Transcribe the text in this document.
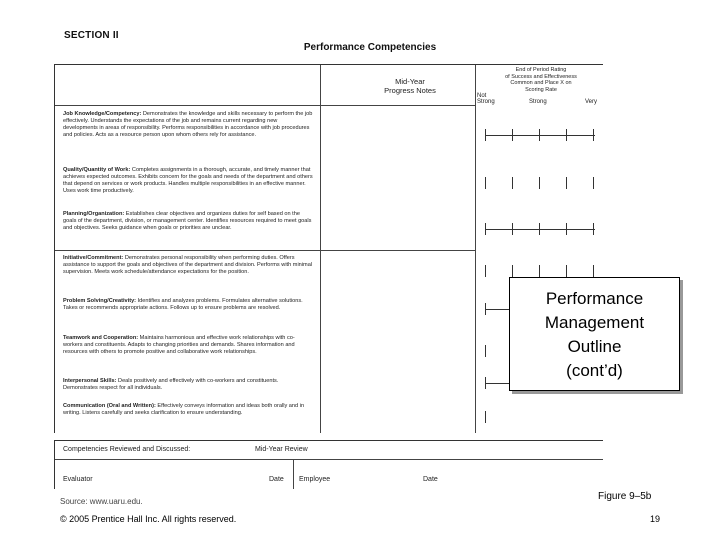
SECTION II
Performance Competencies
Mid-Year
Progress Notes
End of Period Rating
of Success and Effectiveness
Common and Place X on
Scoring Rate
Not
Strong	Strong	Very
Job Knowledge/Competency: Demonstrates the knowledge and skills necessary to perform the job effectively. Understands the expectations of the job and remains current regarding new developments in areas of responsibility. Performs responsibilities in accordance with job procedures and policies. Acts as a resource person upon whom others rely for assistance.
Quality/Quantity of Work: Completes assignments in a thorough, accurate, and timely manner that achieves expected outcomes. Exhibits concern for the goals and needs of the department and others that depend on services or work products. Handles multiple responsibilities in an effective manner. Uses work time productively.
Planning/Organization: Establishes clear objectives and organizes duties for self based on the goals of the department, division, or management center. Identifies resources required to meet goals and objectives. Seeks guidance when goals or priorities are unclear.
Initiative/Commitment: Demonstrates personal responsibility when performing duties. Offers assistance to support the goals and objectives of the department and division. Performs with minimal supervision. Meets work schedule/attendance expectations for the position.
Problem Solving/Creativity: Identifies and analyzes problems. Formulates alternative solutions. Takes or recommends appropriate actions. Follows up to ensure problems are resolved.
Teamwork and Cooperation: Maintains harmonious and effective work relationships with co-workers and constituents. Adapts to changing priorities and demands. Shares information and resources with others to promote positive and collaborative work relationships.
Interpersonal Skills: Deals positively and effectively with co-workers and constituents. Demonstrates respect for all individuals.
Communication (Oral and Written): Effectively conveys information and ideas both orally and in writing. Listens carefully and seeks clarification to ensure understanding.
Competencies Reviewed and Discussed:	Mid-Year Review
Evaluator	Date Employee	Date
Performance
Management
Outline
(cont’d)
Source: www.uaru.edu.	Figure 9–5b
© 2005 Prentice Hall Inc. All rights reserved.	19
